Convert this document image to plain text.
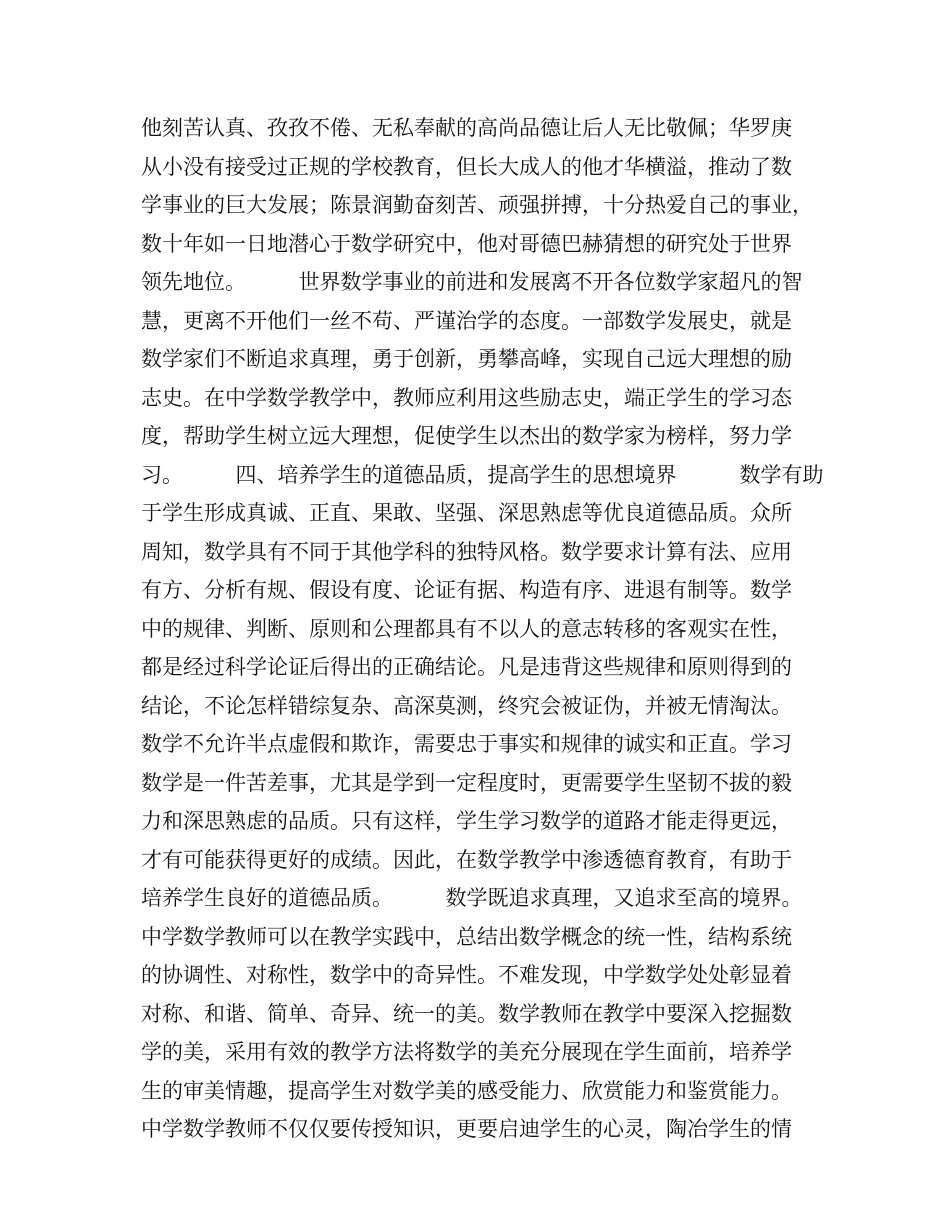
他刻苦认真、孜孜不倦、无私奉献的高尚品德让后人无比敬佩；华罗庚
从小没有接受过正规的学校教育，但长大成人的他才华横溢，推动了数
学事业的巨大发展；陈景润勤奋刻苦、顽强拼搏，十分热爱自己的事业，
数十年如一日地潜心于数学研究中，他对哥德巴赫猜想的研究处于世界
领先地位。　　　世界数学事业的前进和发展离不开各位数学家超凡的智
慧，更离不开他们一丝不苟、严谨治学的态度。一部数学发展史，就是
数学家们不断追求真理，勇于创新，勇攀高峰，实现自己远大理想的励
志史。在中学数学教学中，教师应利用这些励志史，端正学生的学习态
度，帮助学生树立远大理想，促使学生以杰出的数学家为榜样，努力学
习。　　　四、培养学生的道德品质，提高学生的思想境界　　　数学有助
于学生形成真诚、正直、果敢、坚强、深思熟虑等优良道德品质。众所
周知，数学具有不同于其他学科的独特风格。数学要求计算有法、应用
有方、分析有规、假设有度、论证有据、构造有序、进退有制等。数学
中的规律、判断、原则和公理都具有不以人的意志转移的客观实在性，
都是经过科学论证后得出的正确结论。凡是违背这些规律和原则得到的
结论，不论怎样错综复杂、高深莫测，终究会被证伪，并被无情淘汰。
数学不允许半点虚假和欺诈，需要忠于事实和规律的诚实和正直。学习
数学是一件苦差事，尤其是学到一定程度时，更需要学生坚韧不拔的毅
力和深思熟虑的品质。只有这样，学生学习数学的道路才能走得更远，
才有可能获得更好的成绩。因此，在数学教学中渗透德育教育，有助于
培养学生良好的道德品质。　　　数学既追求真理，又追求至高的境界。
中学数学教师可以在教学实践中，总结出数学概念的统一性，结构系统
的协调性、对称性，数学中的奇异性。不难发现，中学数学处处彰显着
对称、和谐、简单、奇异、统一的美。数学教师在教学中要深入挖掘数
学的美，采用有效的教学方法将数学的美充分展现在学生面前，培养学
生的审美情趣，提高学生对数学美的感受能力、欣赏能力和鉴赏能力。
中学数学教师不仅仅要传授知识，更要启迪学生的心灵，陶冶学生的情
